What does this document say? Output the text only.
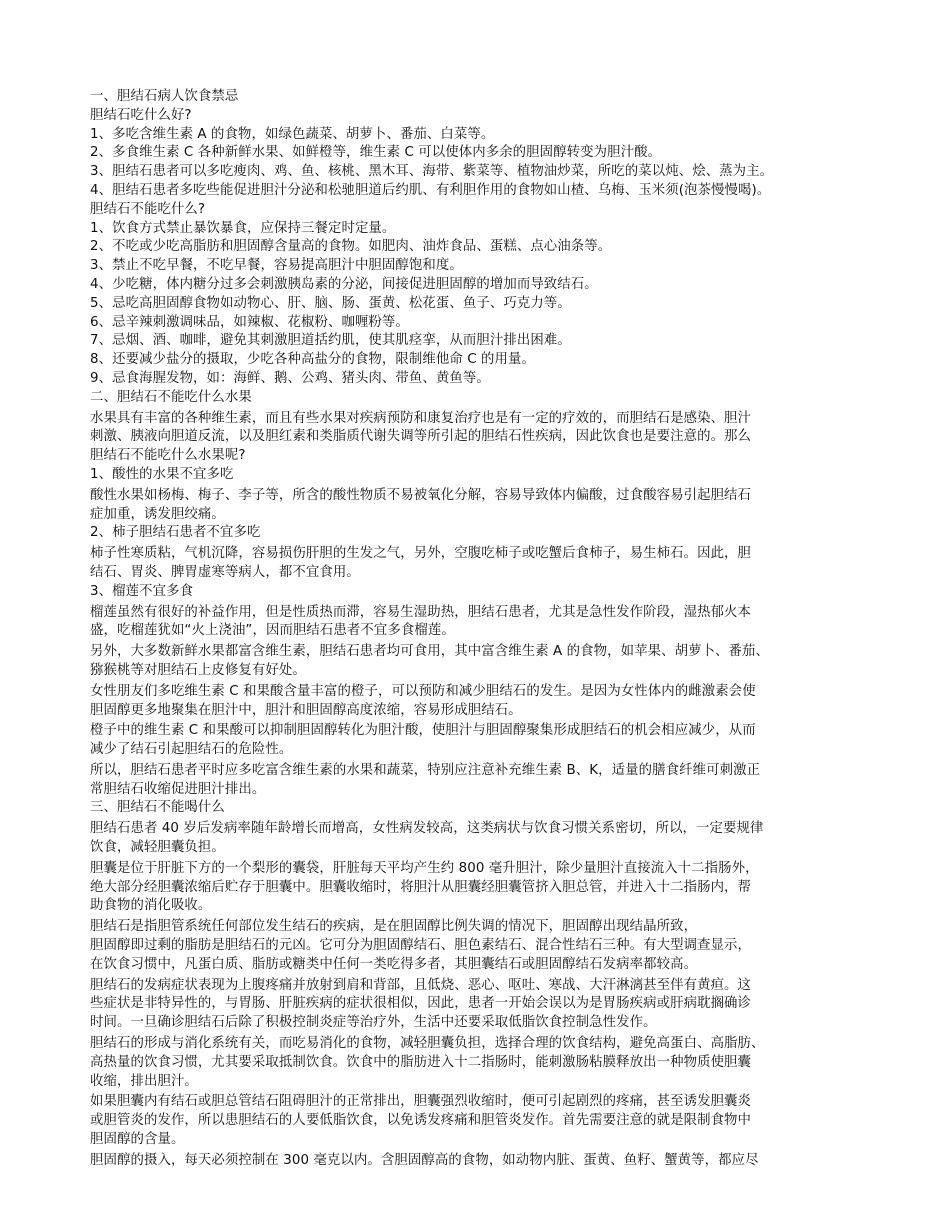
一、胆结石病人饮食禁忌
胆结石吃什么好?
1、多吃含维生素 A 的食物，如绿色蔬菜、胡萝卜、番茄、白菜等。
2、多食维生素 C 各种新鲜水果、如鲜橙等，维生素 C 可以使体内多余的胆固醇转变为胆汁酸。
3、胆结石患者可以多吃瘦肉、鸡、鱼、核桃、黑木耳、海带、紫菜等、植物油炒菜，所吃的菜以炖、烩、蒸为主。
4、胆结石患者多吃些能促进胆汁分泌和松驰胆道后约肌、有利胆作用的食物如山楂、乌梅、玉米须(泡茶慢慢喝)。
胆结石不能吃什么?
1、饮食方式禁止暴饮暴食，应保持三餐定时定量。
2、不吃或少吃高脂肪和胆固醇含量高的食物。如肥肉、油炸食品、蛋糕、点心油条等。
3、禁止不吃早餐，不吃早餐，容易提高胆汁中胆固醇饱和度。
4、少吃糖，体内糖分过多会刺激胰岛素的分泌，间接促进胆固醇的增加而导致结石。
5、忌吃高胆固醇食物如动物心、肝、脑、肠、蛋黄、松花蛋、鱼子、巧克力等。
6、忌辛辣刺激调味品，如辣椒、花椒粉、咖喱粉等。
7、忌烟、酒、咖啡，避免其刺激胆道括约肌，使其肌痉挛，从而胆汁排出困难。
8、还要减少盐分的摄取，少吃各种高盐分的食物，限制维他命 C 的用量。
9、忌食海腥发物，如：海鲜、鹅、公鸡、猪头肉、带鱼、黄鱼等。
二、胆结石不能吃什么水果
水果具有丰富的各种维生素，而且有些水果对疾病预防和康复治疗也是有一定的疗效的，而胆结石是感染、胆汁
刺激、胰液向胆道反流，以及胆红素和类脂质代谢失调等所引起的胆结石性疾病，因此饮食也是要注意的。那么
胆结石不能吃什么水果呢?
1、酸性的水果不宜多吃
酸性水果如杨梅、梅子、李子等，所含的酸性物质不易被氧化分解，容易导致体内偏酸，过食酸容易引起胆结石
症加重，诱发胆绞痛。
2、柿子胆结石患者不宜多吃
柿子性寒质粘，气机沉降，容易损伤肝胆的生发之气，另外，空腹吃柿子或吃蟹后食柿子，易生柿石。因此，胆
结石、胃炎、脾胃虚寒等病人，都不宜食用。
3、榴莲不宜多食
榴莲虽然有很好的补益作用，但是性质热而滞，容易生湿助热，胆结石患者，尤其是急性发作阶段，湿热郁火本
盛，吃榴莲犹如“火上浇油”，因而胆结石患者不宜多食榴莲。
另外，大多数新鲜水果都富含维生素，胆结石患者均可食用，其中富含维生素 A 的食物，如苹果、胡萝卜、番茄、
猕猴桃等对胆结石上皮修复有好处。
女性朋友们多吃维生素 C 和果酸含量丰富的橙子，可以预防和减少胆结石的发生。是因为女性体内的雌激素会使
胆固醇更多地聚集在胆汁中，胆汁和胆固醇高度浓缩，容易形成胆结石。
橙子中的维生素 C 和果酸可以抑制胆固醇转化为胆汁酸，使胆汁与胆固醇聚集形成胆结石的机会相应减少，从而
减少了结石引起胆结石的危险性。
所以，胆结石患者平时应多吃富含维生素的水果和蔬菜，特别应注意补充维生素 B、K，适量的膳食纤维可刺激正
常胆结石收缩促进胆汁排出。
三、胆结石不能喝什么
胆结石患者 40 岁后发病率随年龄增长而增高，女性病发较高，这类病状与饮食习惯关系密切，所以，一定要规律
饮食，减轻胆囊负担。
胆囊是位于肝脏下方的一个梨形的囊袋，肝脏每天平均产生约 800 毫升胆汁，除少量胆汁直接流入十二指肠外，
绝大部分经胆囊浓缩后贮存于胆囊中。胆囊收缩时，将胆汁从胆囊经胆囊管挤入胆总管，并进入十二指肠内，帮
助食物的消化吸收。
胆结石是指胆管系统任何部位发生结石的疾病，是在胆固醇比例失调的情况下，胆固醇出现结晶所致，
胆固醇即过剩的脂肪是胆结石的元凶。它可分为胆固醇结石、胆色素结石、混合性结石三种。有大型调查显示，
在饮食习惯中，凡蛋白质、脂肪或糖类中任何一类吃得多者，其胆囊结石或胆固醇结石发病率都较高。
胆结石的发病症状表现为上腹疼痛并放射到肩和背部，且低烧、恶心、呕吐、寒战、大汗淋漓甚至伴有黄疸。这
些症状是非特异性的，与胃肠、肝脏疾病的症状很相似，因此，患者一开始会误以为是胃肠疾病或肝病耽搁确诊
时间。一旦确诊胆结石后除了积极控制炎症等治疗外，生活中还要采取低脂饮食控制急性发作。
胆结石的形成与消化系统有关，而吃易消化的食物，减轻胆囊负担，选择合理的饮食结构，避免高蛋白、高脂肪、
高热量的饮食习惯，尤其要采取抵制饮食。饮食中的脂肪进入十二指肠时，能刺激肠粘膜释放出一种物质使胆囊
收缩，排出胆汁。
如果胆囊内有结石或胆总管结石阻碍胆汁的正常排出，胆囊强烈收缩时，便可引起剧烈的疼痛，甚至诱发胆囊炎
或胆管炎的发作，所以患胆结石的人要低脂饮食，以免诱发疼痛和胆管炎发作。首先需要注意的就是限制食物中
胆固醇的含量。
胆固醇的摄入，每天必须控制在 300 毫克以内。含胆固醇高的食物，如动物内脏、蛋黄、鱼籽、蟹黄等，都应尽
